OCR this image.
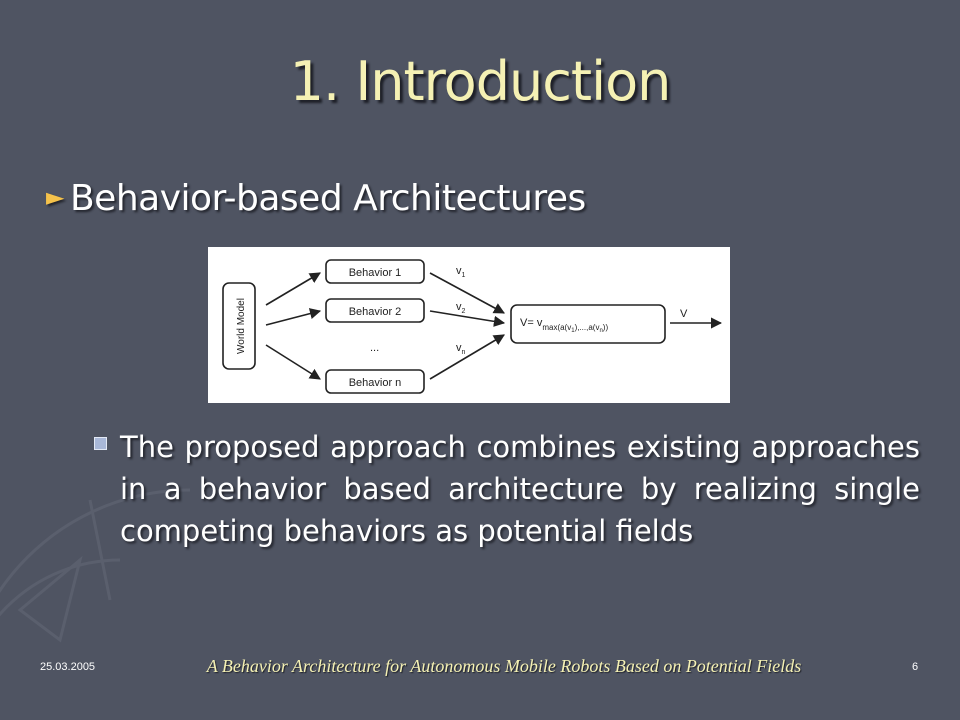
1. Introduction
► Behavior-based Architectures
World Model
Behavior 1
Behavior 2
Behavior n
...
$v_1$
$v_2$
$v_n$
V
$V= v_{max(a(v}1),...,a(vn)$)
The proposed approach combines existing approaches in a behavior based architecture by realizing single competing behaviors as potential fields
25.03.2005	A Behavior Architecture for Autonomous Mobile Robots Based on Potential Fields	6
